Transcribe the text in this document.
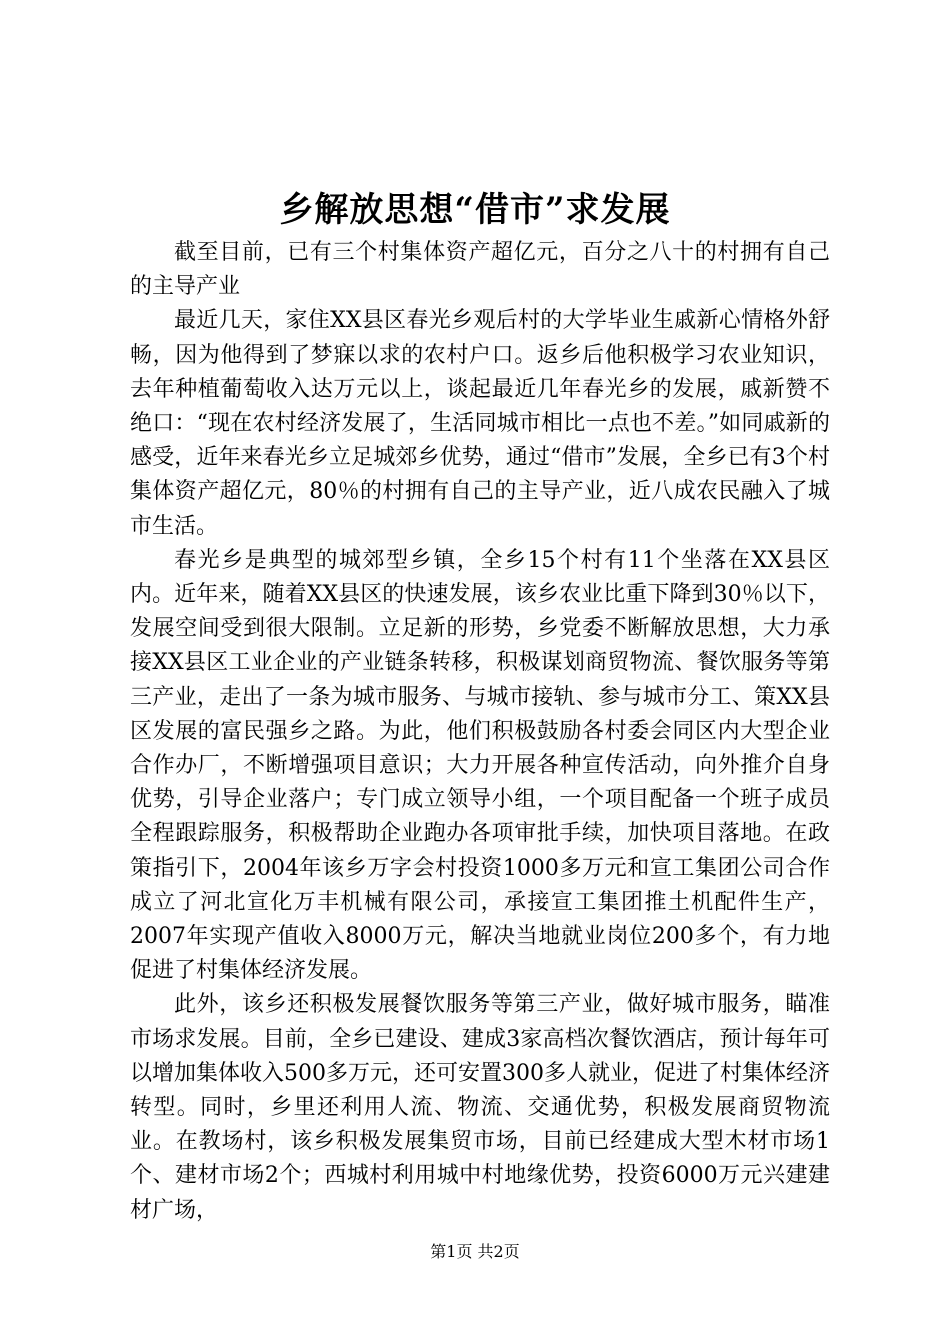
乡解放思想“借市”求发展

截至目前，已有三个村集体资产超亿元，百分之八十的村拥有自己的主导产业

最近几天，家住XX县区春光乡观后村的大学毕业生戚新心情格外舒畅，因为他得到了梦寐以求的农村户口。返乡后他积极学习农业知识，去年种植葡萄收入达万元以上，谈起最近几年春光乡的发展，戚新赞不绝口：“现在农村经济发展了，生活同城市相比一点也不差。”如同戚新的感受，近年来春光乡立足城郊乡优势，通过“借市”发展，全乡已有3个村集体资产超亿元，80％的村拥有自己的主导产业，近八成农民融入了城市生活。

春光乡是典型的城郊型乡镇，全乡15个村有11个坐落在XX县区内。近年来，随着XX县区的快速发展，该乡农业比重下降到30％以下，发展空间受到很大限制。立足新的形势，乡党委不断解放思想，大力承接XX县区工业企业的产业链条转移，积极谋划商贸物流、餐饮服务等第三产业，走出了一条为城市服务、与城市接轨、参与城市分工、策XX县区发展的富民强乡之路。为此，他们积极鼓励各村委会同区内大型企业合作办厂，不断增强项目意识；大力开展各种宣传活动，向外推介自身优势，引导企业落户；专门成立领导小组，一个项目配备一个班子成员全程跟踪服务，积极帮助企业跑办各项审批手续，加快项目落地。在政策指引下，2004年该乡万字会村投资1000多万元和宣工集团公司合作成立了河北宣化万丰机械有限公司，承接宣工集团推土机配件生产，2007年实现产值收入8000万元，解决当地就业岗位200多个，有力地促进了村集体经济发展。

此外，该乡还积极发展餐饮服务等第三产业，做好城市服务，瞄准市场求发展。目前，全乡已建设、建成3家高档次餐饮酒店，预计每年可以增加集体收入500多万元，还可安置300多人就业，促进了村集体经济转型。同时，乡里还利用人流、物流、交通优势，积极发展商贸物流业。在教场村，该乡积极发展集贸市场，目前已经建成大型木材市场1个、建材市场2个；西城村利用城中村地缘优势，投资6000万元兴建建材广场，

第1页 共2页
